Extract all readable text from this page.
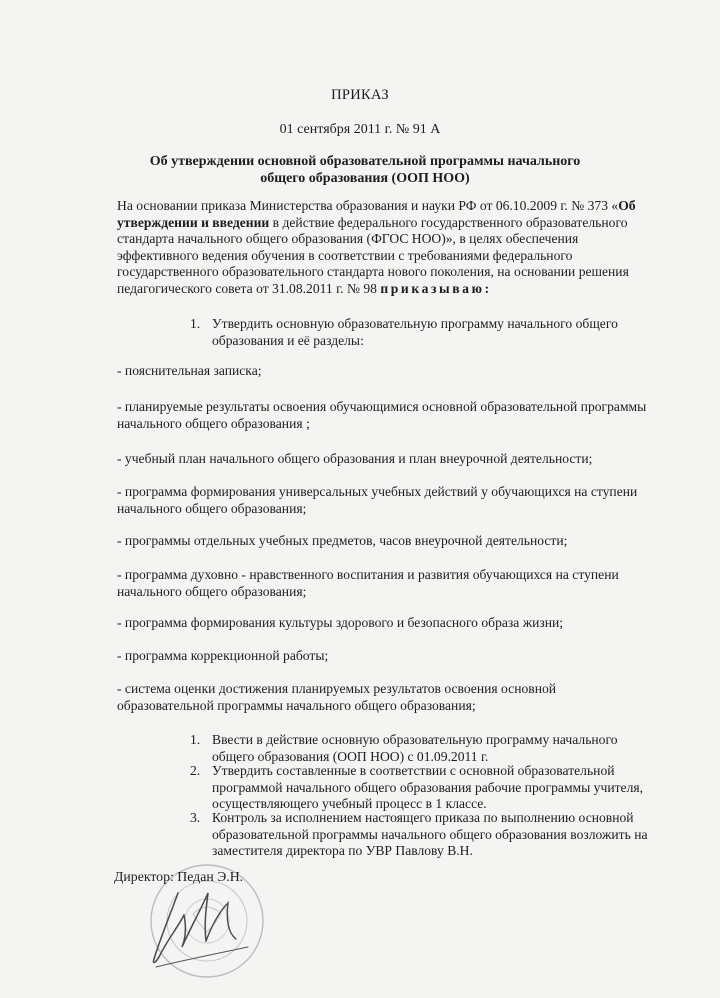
ПРИКАЗ

01 сентября 2011 г. № 91 А

Об утверждении основной образовательной программы начального общего образования (ООП НОО)

На основании приказа Министерства образования и науки РФ от 06.10.2009 г. № 373 «Об утверждении и введении в действие федерального государственного образовательного стандарта начального общего образования (ФГОС НОО)», в целях обеспечения эффективного ведения обучения в соответствии с требованиями федерального государственного образовательного стандарта нового поколения, на основании решения педагогического совета от 31.08.2011 г. № 98 приказываю:

1. Утвердить основную образовательную программу начального общего образования и её разделы:

- пояснительная записка;

- планируемые результаты освоения обучающимися основной образовательной программы начального общего образования ;

- учебный план начального общего образования и план внеурочной деятельности;

- программа формирования универсальных учебных действий у обучающихся на ступени начального общего образования;

- программы отдельных учебных предметов, часов внеурочной деятельности;

- программа духовно - нравственного воспитания и развития обучающихся на ступени начального общего образования;

- программа формирования культуры здорового и безопасного образа жизни;

- программа коррекционной работы;

- система оценки достижения планируемых результатов освоения основной образовательной программы начального общего образования;

1. Ввести в действие основную образовательную программу начального общего образования (ООП НОО) с 01.09.2011 г.
2. Утвердить составленные в соответствии с основной образовательной программой начального общего образования рабочие программы учителя, осуществляющего учебный процесс в 1 классе.
3. Контроль за исполнением настоящего приказа по выполнению основной образовательной программы начального общего образования возложить на заместителя директора по УВР Павлову В.Н.

Директор: Педан Э.Н.
